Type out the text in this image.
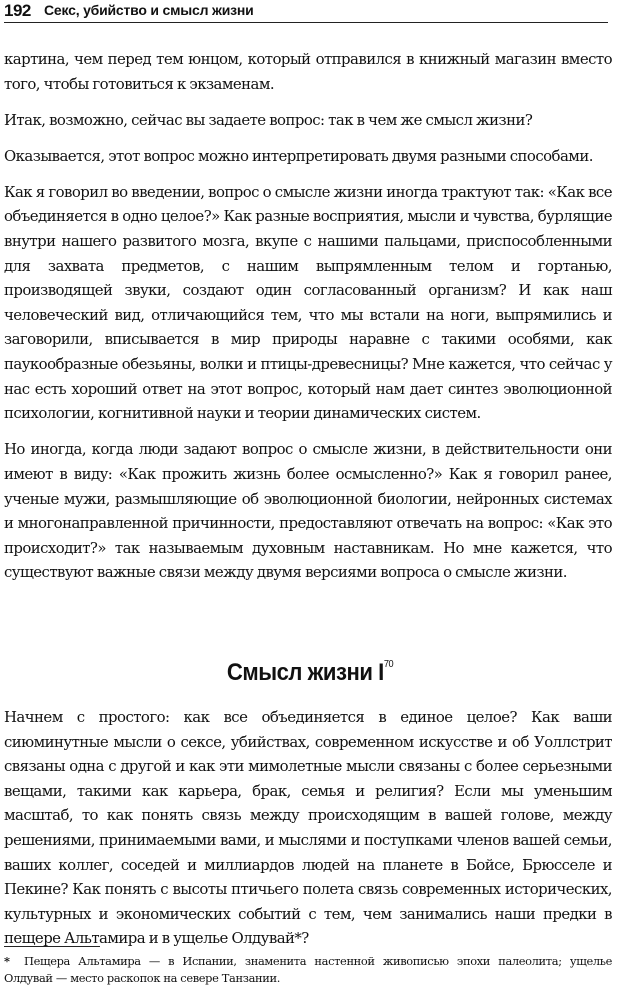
192 Секс, убийство и смысл жизни

картина, чем перед тем юнцом, который отправился в книжный магазин вместо того, чтобы готовиться к экзаменам.

Итак, возможно, сейчас вы задаете вопрос: так в чем же смысл жизни?

Оказывается, этот вопрос можно интерпретировать двумя разными способами.

Как я говорил во введении, вопрос о смысле жизни иногда трактуют так: «Как все объединяется в одно целое?» Как разные восприятия, мысли и чувства, бурлящие внутри нашего развитого мозга, вкупе с нашими пальцами, приспособленными для захвата предметов, с нашим выпрямленным телом и гортанью, производящей звуки, создают один согласованный организм? И как наш человеческий вид, отличающийся тем, что мы встали на ноги, выпрямились и заговорили, вписывается в мир природы наравне с такими особями, как паукообразные обезьяны, волки и птицы-древесницы? Мне кажется, что сейчас у нас есть хороший ответ на этот вопрос, который нам дает синтез эволюционной психологии, когнитивной науки и теории динамических систем.

Но иногда, когда люди задают вопрос о смысле жизни, в действительности они имеют в виду: «Как прожить жизнь более осмысленно?» Как я говорил ранее, ученые мужи, размышляющие об эволюционной биологии, нейронных системах и многонаправленной причинности, предоставляют отвечать на вопрос: «Как это происходит?» так называемым духовным наставникам. Но мне кажется, что существуют важные связи между двумя версиями вопроса о смысле жизни.

Смысл жизни $I^{70}$

Начнем с простого: как все объединяется в единое целое? Как ваши сиюминутные мысли о сексе, убийствах, современном искусстве и об Уоллстрит связаны одна с другой и как эти мимолетные мысли связаны с более серьезными вещами, такими как карьера, брак, семья и религия? Если мы уменьшим масштаб, то как понять связь между происходящим в вашей голове, между решениями, принимаемыми вами, и мыслями и поступками членов вашей семьи, ваших коллег, соседей и миллиардов людей на планете в Бойсе, Брюсселе и Пекине? Как понять с высоты птичьего полета связь современных исторических, культурных и экономических событий с тем, чем занимались наши предки в пещере Альтамира и в ущелье Олдувай*?

* Пещера Альтамира — в Испании, знаменита настенной живописью эпохи палеолита; ущелье Олдувай — место раскопок на севере Танзании.
